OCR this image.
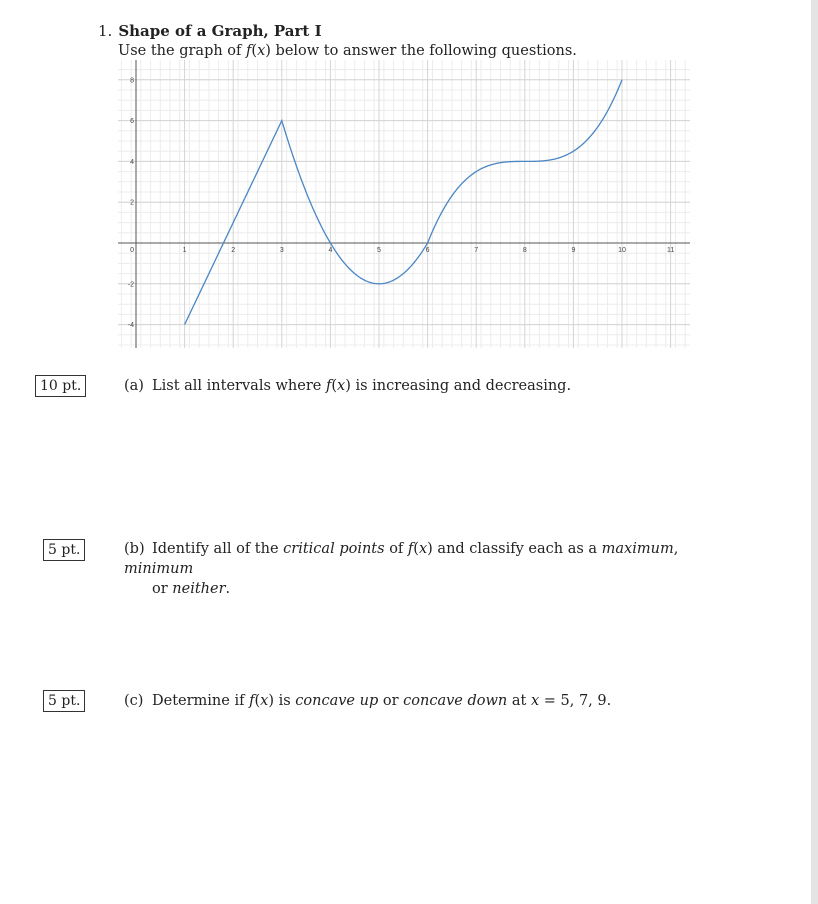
1. Shape of a Graph, Part I
Use the graph of f(x) below to answer the following questions.
1	2	3	4	5	6	7	8	9	10	11
8
6
4
2
0
-2
-4
10 pt.	(a) List all intervals where f(x) is increasing and decreasing.
5 pt.	(b) Identify all of the critical points of f(x) and classify each as a maximum, minimum
or neither.
5 pt.	(c) Determine if f(x) is concave up or concave down at x = 5, 7, 9.
